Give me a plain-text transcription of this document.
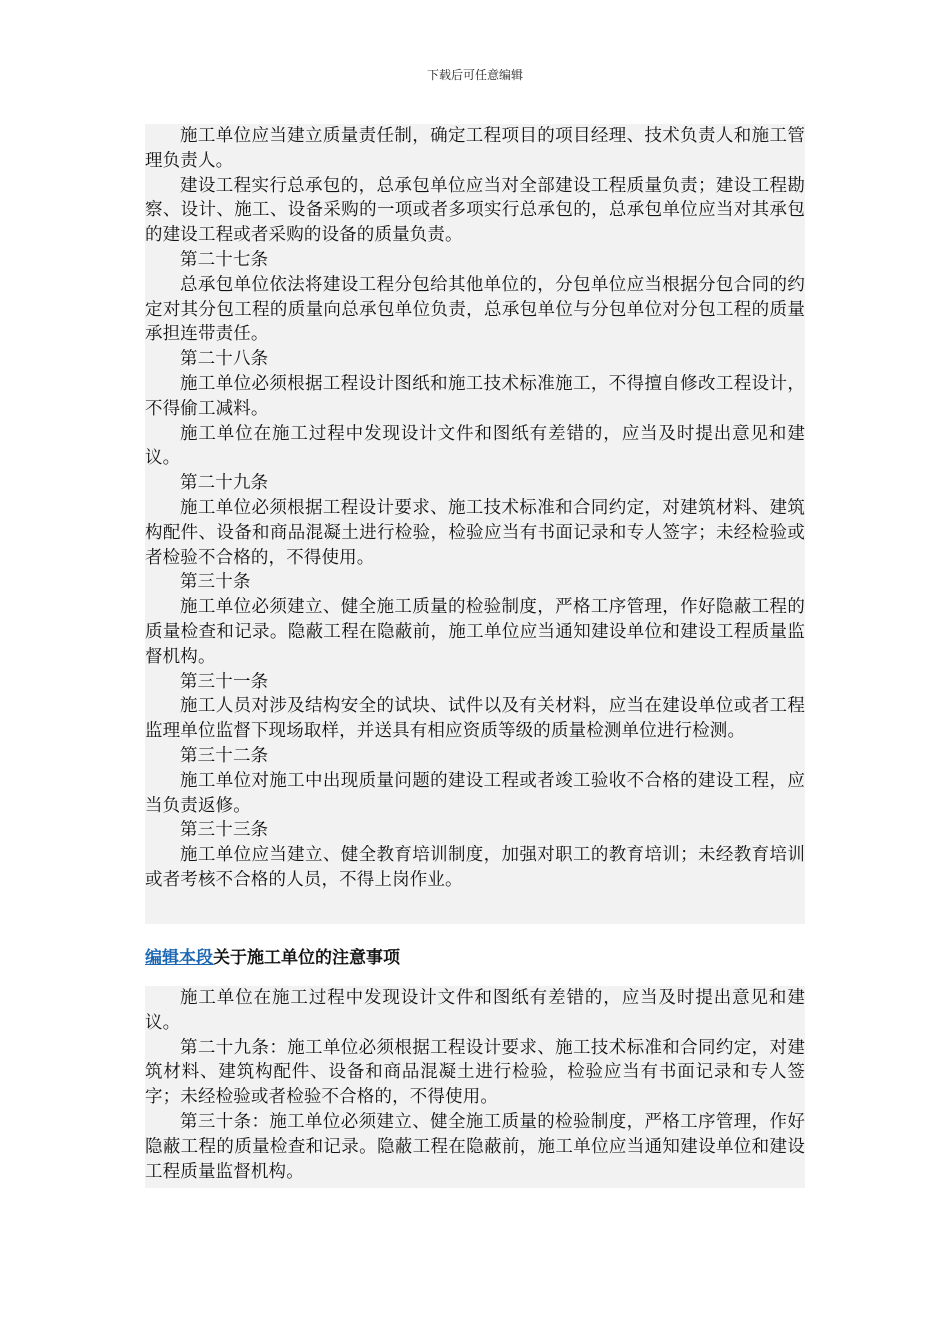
下载后可任意编辑

施工单位应当建立质量责任制，确定工程项目的项目经理、技术负责人和施工管理负责人。

建设工程实行总承包的，总承包单位应当对全部建设工程质量负责；建设工程勘察、设计、施工、设备采购的一项或者多项实行总承包的，总承包单位应当对其承包的建设工程或者采购的设备的质量负责。

第二十七条

总承包单位依法将建设工程分包给其他单位的，分包单位应当根据分包合同的约定对其分包工程的质量向总承包单位负责，总承包单位与分包单位对分包工程的质量承担连带责任。

第二十八条

施工单位必须根据工程设计图纸和施工技术标准施工，不得擅自修改工程设计，不得偷工减料。

施工单位在施工过程中发现设计文件和图纸有差错的，应当及时提出意见和建议。

第二十九条

施工单位必须根据工程设计要求、施工技术标准和合同约定，对建筑材料、建筑构配件、设备和商品混凝土进行检验，检验应当有书面记录和专人签字；未经检验或者检验不合格的，不得使用。

第三十条

施工单位必须建立、健全施工质量的检验制度，严格工序管理，作好隐蔽工程的质量检查和记录。隐蔽工程在隐蔽前，施工单位应当通知建设单位和建设工程质量监督机构。

第三十一条

施工人员对涉及结构安全的试块、试件以及有关材料，应当在建设单位或者工程监理单位监督下现场取样，并送具有相应资质等级的质量检测单位进行检测。

第三十二条

施工单位对施工中出现质量问题的建设工程或者竣工验收不合格的建设工程，应当负责返修。

第三十三条

施工单位应当建立、健全教育培训制度，加强对职工的教育培训；未经教育培训或者考核不合格的人员，不得上岗作业。

编辑本段关于施工单位的注意事项

施工单位在施工过程中发现设计文件和图纸有差错的，应当及时提出意见和建议。

第二十九条：施工单位必须根据工程设计要求、施工技术标准和合同约定，对建筑材料、建筑构配件、设备和商品混凝土进行检验，检验应当有书面记录和专人签字；未经检验或者检验不合格的，不得使用。

第三十条：施工单位必须建立、健全施工质量的检验制度，严格工序管理，作好隐蔽工程的质量检查和记录。隐蔽工程在隐蔽前，施工单位应当通知建设单位和建设工程质量监督机构。
